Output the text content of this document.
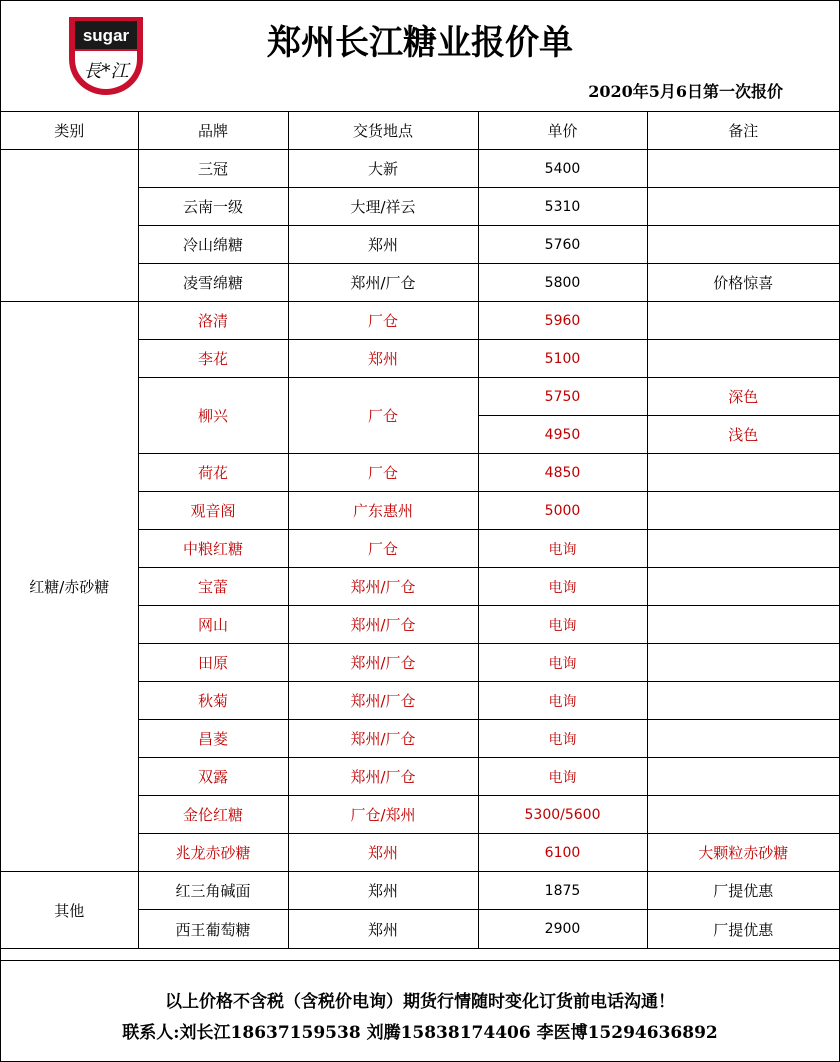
sugar
長*江
郑州长江糖业报价单
2020年5月6日第一次报价
类别	品牌	交货地点	单价	备注
	三冠	大新	5400	
	云南一级	大理/祥云	5310	
	冷山绵糖	郑州	5760	
	凌雪绵糖	郑州/厂仓	5800	价格惊喜
红糖/赤砂糖	洛清	厂仓	5960	
	李花	郑州	5100	
	柳兴	厂仓	5750	深色
			4950	浅色
	荷花	厂仓	4850	
	观音阁	广东惠州	5000	
	中粮红糖	厂仓	电询	
	宝蕾	郑州/厂仓	电询	
	网山	郑州/厂仓	电询	
	田原	郑州/厂仓	电询	
	秋菊	郑州/厂仓	电询	
	昌菱	郑州/厂仓	电询	
	双露	郑州/厂仓	电询	
	金伦红糖	厂仓/郑州	5300/5600	
	兆龙赤砂糖	郑州	6100	大颗粒赤砂糖
其他	红三角碱面	郑州	1875	厂提优惠
	西王葡萄糖	郑州	2900	厂提优惠
以上价格不含税（含税价电询）期货行情随时变化订货前电话沟通！
联系人:刘长江18637159538 刘腾15838174406 李医博15294636892
